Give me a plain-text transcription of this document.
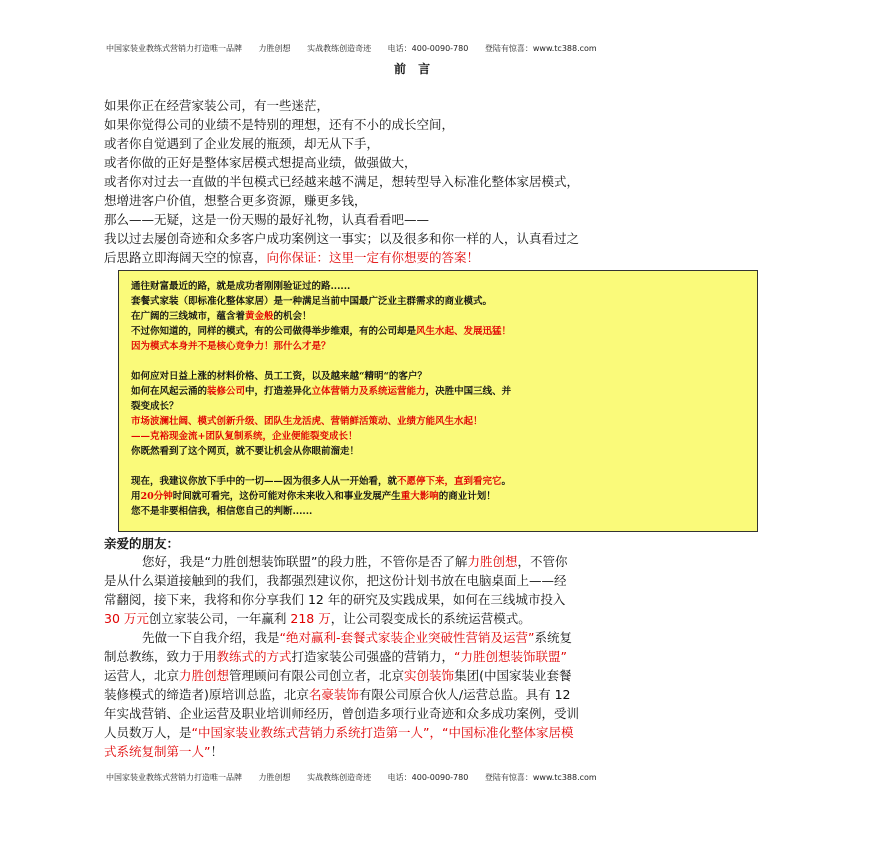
中国家装业教练式营销力打造唯一品牌 力胜创想 实战教练创造奇迹 电话：400-0090-780 登陆有惊喜：www.tc388.com
前 言
如果你正在经营家装公司，有一些迷茫，
如果你觉得公司的业绩不是特别的理想，还有不小的成长空间，
或者你自觉遇到了企业发展的瓶颈，却无从下手，
或者你做的正好是整体家居模式想提高业绩，做强做大，
或者你对过去一直做的半包模式已经越来越不满足，想转型导入标准化整体家居模式，
想增进客户价值，想整合更多资源，赚更多钱，
那么——无疑，这是一份天赐的最好礼物，认真看看吧——
我以过去屡创奇迹和众多客户成功案例这一事实；以及很多和你一样的人，认真看过之
后思路立即海阔天空的惊喜，向你保证：这里一定有你想要的答案！
通往财富最近的路，就是成功者刚刚验证过的路......
套餐式家装（即标准化整体家居）是一种满足当前中国最广泛业主群需求的商业模式。
在广阔的三线城市，蕴含着黄金般的机会！
不过你知道的，同样的模式，有的公司做得举步维艰，有的公司却是风生水起、发展迅猛！
因为模式本身并不是核心竞争力！那什么才是？
如何应对日益上涨的材料价格、员工工资，以及越来越“精明“的客户？
如何在风起云涌的装修公司中，打造差异化立体营销力及系统运营能力，决胜中国三线、并
裂变成长？
市场波澜壮阔、模式创新升级、团队生龙活虎、营销鲜活策动、业绩方能风生水起！
——克裕现金流+团队复制系统，企业便能裂变成长！
你既然看到了这个网页，就不要让机会从你眼前溜走！
现在，我建议你放下手中的一切——因为很多人从一开始看，就不愿停下来，直到看完它。
用20分钟时间就可看完，这份可能对你未来收入和事业发展产生重大影响的商业计划！
您不是非要相信我，相信您自己的判断......
亲爱的朋友：
您好，我是“力胜创想装饰联盟”的段力胜，不管你是否了解力胜创想，不管你
是从什么渠道接触到的我们，我都强烈建议你，把这份计划书放在电脑桌面上——经
常翻阅，接下来，我将和你分享我们 12 年的研究及实践成果，如何在三线城市投入
30 万元创立家装公司，一年赢利 218 万，让公司裂变成长的系统运营模式。
先做一下自我介绍，我是“绝对赢利-套餐式家装企业突破性营销及运营”系统复
制总教练，致力于用教练式的方式打造家装公司强盛的营销力，“力胜创想装饰联盟”
运营人，北京力胜创想管理顾问有限公司创立者，北京实创装饰集团(中国家装业套餐
装修模式的缔造者)原培训总监，北京名豪装饰有限公司原合伙人/运营总监。具有 12
年实战营销、企业运营及职业培训师经历，曾创造多项行业奇迹和众多成功案例，受训
人员数万人，是“中国家装业教练式营销力系统打造第一人”，“中国标准化整体家居模
式系统复制第一人”！
中国家装业教练式营销力打造唯一品牌 力胜创想 实战教练创造奇迹 电话：400-0090-780 登陆有惊喜：www.tc388.com
